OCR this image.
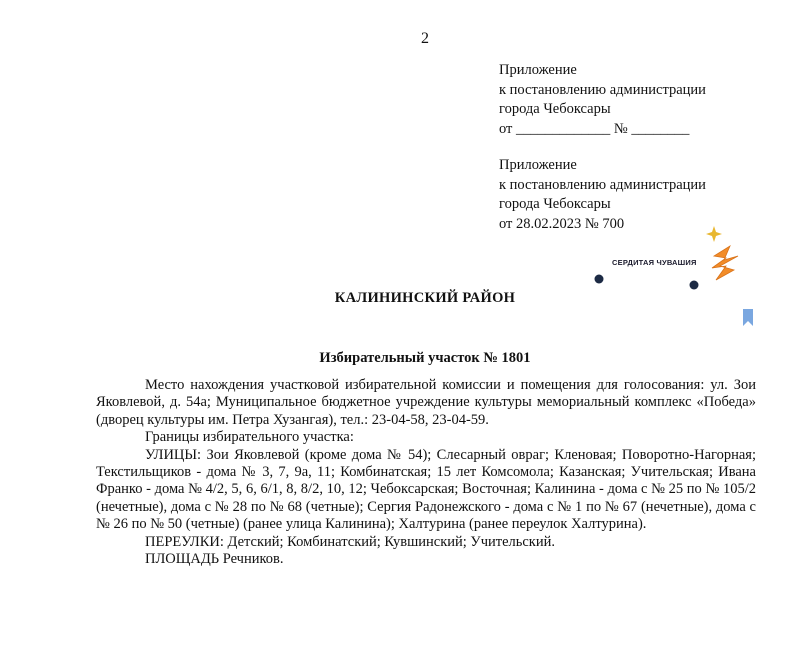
2
Приложение
к постановлению администрации
города Чебоксары
от _____________ № ________
Приложение
к постановлению администрации
города Чебоксары
от 28.02.2023 № 700
СЕРДИТАЯ ЧУВАШИЯ
КАЛИНИНСКИЙ РАЙОН
Избирательный участок № 1801

Место нахождения участковой избирательной комиссии и помещения для голосования: ул. Зои Яковлевой, д. 54а; Муниципальное бюджетное учреждение культуры мемориальный комплекс «Победа» (дворец культуры им. Петра Хузангая), тел.: 23-04-58, 23-04-59.

Границы избирательного участка:

УЛИЦЫ: Зои Яковлевой (кроме дома № 54); Слесарный овраг; Кленовая; Поворотно-Нагорная; Текстильщиков - дома № 3, 7, 9а, 11; Комбинатская; 15 лет Комсомола; Казанская; Учительская; Ивана Франко - дома № 4/2, 5, 6, 6/1, 8, 8/2, 10, 12; Чебоксарская; Восточная; Калинина - дома с № 25 по № 105/2 (нечетные), дома с № 28 по № 68 (четные); Сергия Радонежского - дома с № 1 по № 67 (нечетные), дома с № 26 по № 50 (четные) (ранее улица Калинина); Халтурина (ранее переулок Халтурина).

ПЕРЕУЛКИ: Детский; Комбинатский; Кувшинский; Учительский.

ПЛОЩАДЬ Речников.
